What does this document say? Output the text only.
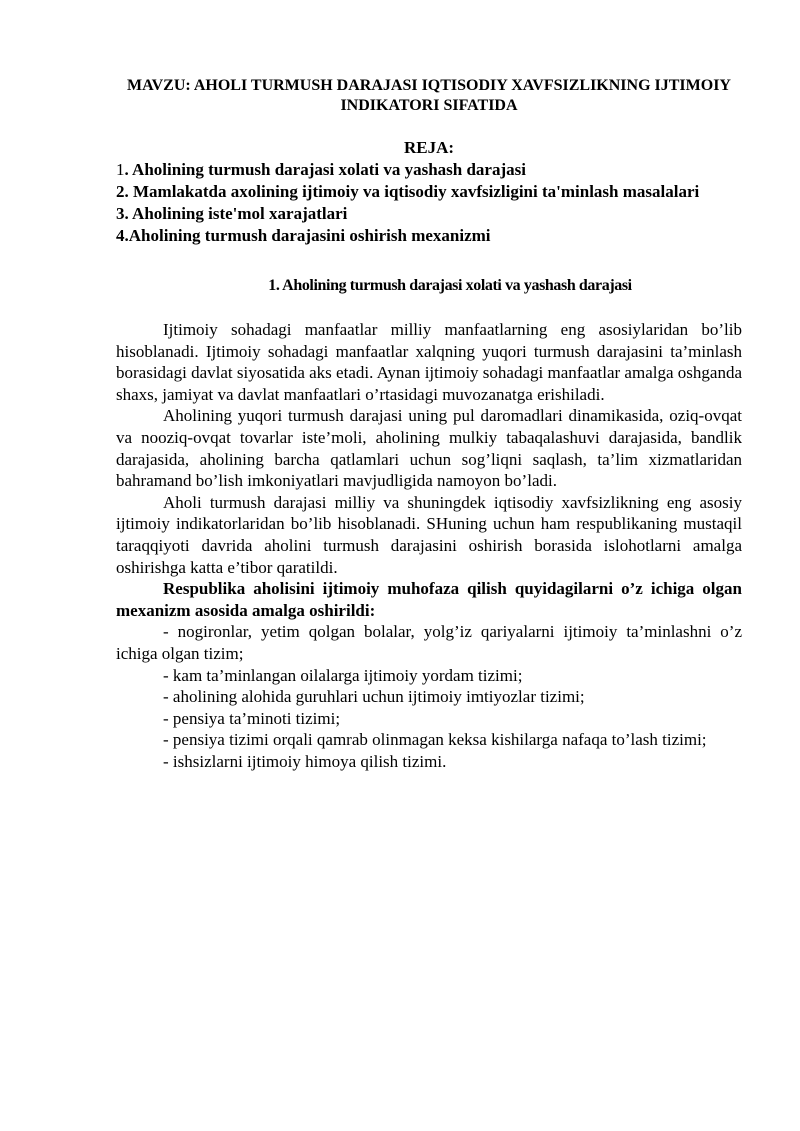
MAVZU: AHOLI TURMUSH DARAJASI IQTISODIY XAVFSIZLIKNING IJTIMOIY INDIKATORI SIFATIDA
REJA:
1. Aholining turmush darajasi xolati va yashash darajasi
2. Mamlakatda axolining ijtimoiy va iqtisodiy xavfsizligini ta'minlash masalalari
3. Aholining iste'mol xarajatlari
4.Aholining turmush darajasini oshirish mexanizmi
1. Aholining turmush darajasi xolati va yashash darajasi

Ijtimoiy sohadagi manfaatlar milliy manfaatlarning eng asosiylaridan bo’lib hisoblanadi. Ijtimoiy sohadagi manfaatlar xalqning yuqori turmush darajasini ta’minlash borasidagi davlat siyosatida aks etadi. Aynan ijtimoiy sohadagi manfaatlar amalga oshganda shaxs, jamiyat va davlat manfaatlari o’rtasidagi muvozanatga erishiladi.

Aholining yuqori turmush darajasi uning pul daromadlari dinamikasida, oziq-ovqat va nooziq-ovqat tovarlar iste’moli, aholining mulkiy tabaqalashuvi darajasida, bandlik darajasida, aholining barcha qatlamlari uchun sog’liqni saqlash, ta’lim xizmatlaridan bahramand bo’lish imkoniyatlari mavjudligida namoyon bo’ladi.

Aholi turmush darajasi milliy va shuningdek iqtisodiy xavfsizlikning eng asosiy ijtimoiy indikatorlaridan bo’lib hisoblanadi. SHuning uchun ham respublikaning mustaqil taraqqiyoti davrida aholini turmush darajasini oshirish borasida islohotlarni amalga oshirishga katta e’tibor qaratildi.

Respublika aholisini ijtimoiy muhofaza qilish quyidagilarni o’z ichiga olgan mexanizm asosida amalga oshirildi:

- nogironlar, yetim qolgan bolalar, yolg’iz qariyalarni ijtimoiy ta’minlashni o’z ichiga olgan tizim;

- kam ta’minlangan oilalarga ijtimoiy yordam tizimi;

- aholining alohida guruhlari uchun ijtimoiy imtiyozlar tizimi;

- pensiya ta’minoti tizimi;

- pensiya tizimi orqali qamrab olinmagan keksa kishilarga nafaqa to’lash tizimi;

- ishsizlarni ijtimoiy himoya qilish tizimi.
